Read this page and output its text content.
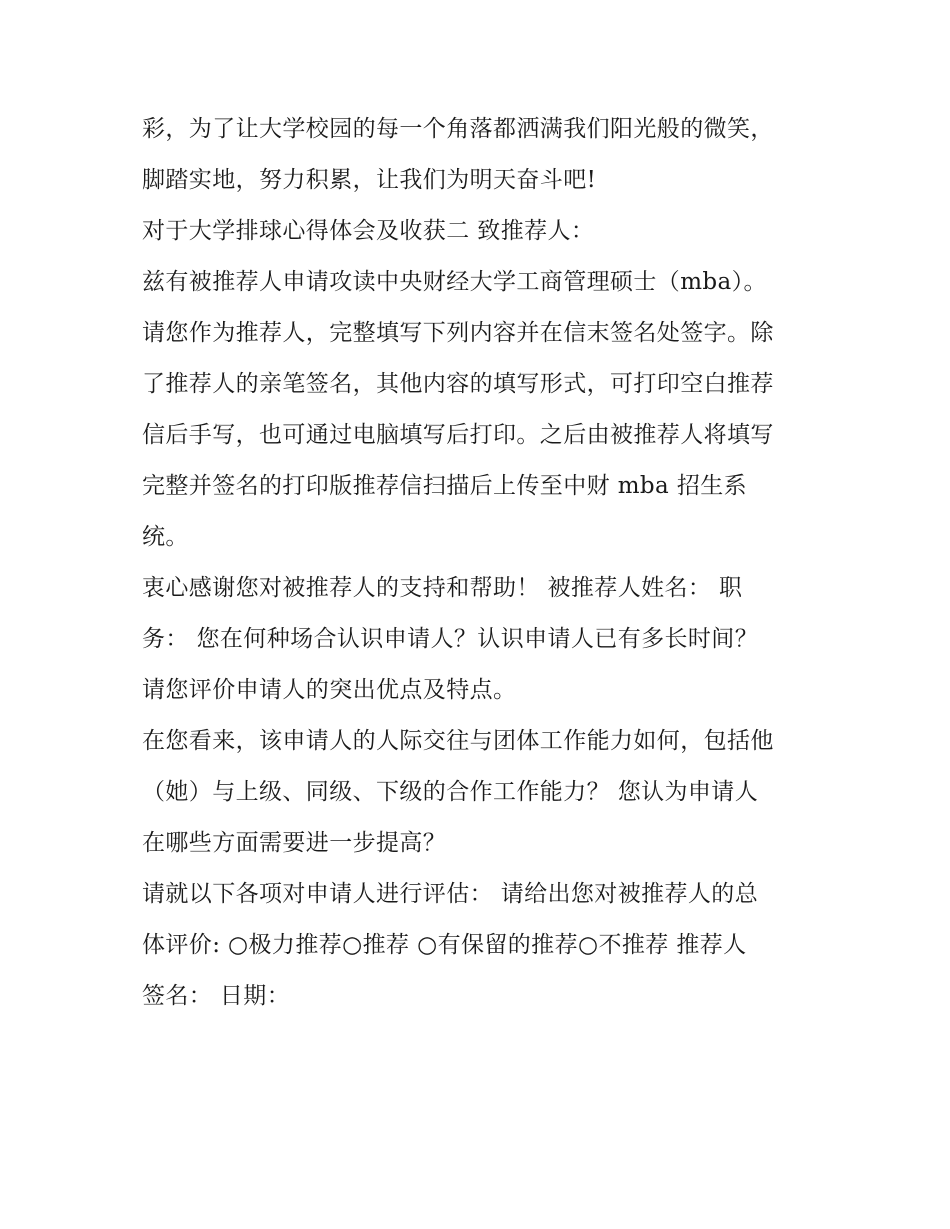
彩，为了让大学校园的每一个角落都洒满我们阳光般的微笑，
脚踏实地，努力积累，让我们为明天奋斗吧!
对于大学排球心得体会及收获二 致推荐人：
兹有被推荐人申请攻读中央财经大学工商管理硕士（mba）。
请您作为推荐人，完整填写下列内容并在信末签名处签字。除
了推荐人的亲笔签名，其他内容的填写形式，可打印空白推荐
信后手写，也可通过电脑填写后打印。之后由被推荐人将填写
完整并签名的打印版推荐信扫描后上传至中财 mba 招生系
统。
衷心感谢您对被推荐人的支持和帮助！ 被推荐人姓名： 职
务： 您在何种场合认识申请人？认识申请人已有多长时间？
请您评价申请人的突出优点及特点。
在您看来，该申请人的人际交往与团体工作能力如何，包括他
（她）与上级、同级、下级的合作工作能力？ 您认为申请人
在哪些方面需要进一步提高？
请就以下各项对申请人进行评估： 请给出您对被推荐人的总
体评价: ○极力推荐○推荐 ○有保留的推荐○不推荐 推荐人
签名： 日期：
